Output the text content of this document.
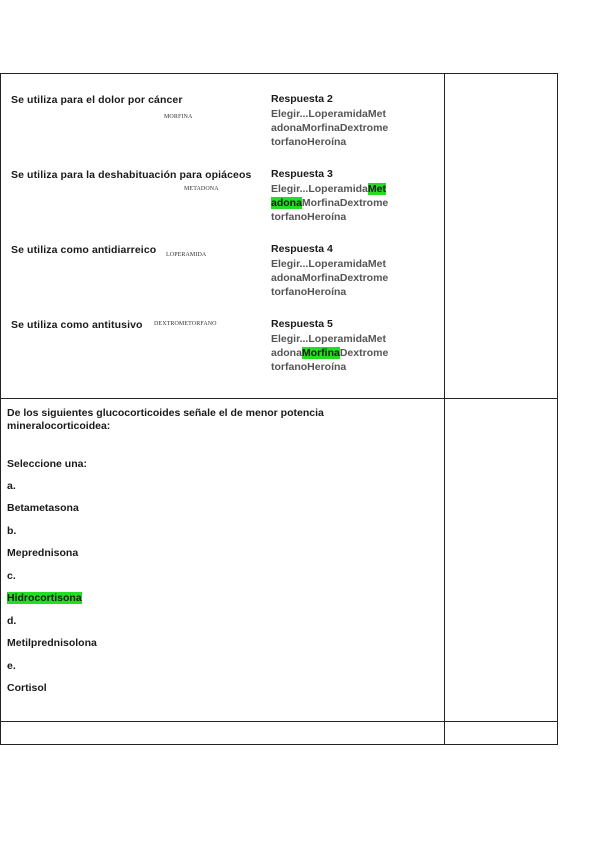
Se utiliza para el dolor por cáncer
MORFINA
Respuesta 2
Elegir...LoperamidaMet
adonaMorfinaDextrome
torfanoHeroína
Se utiliza para la deshabituación para opiáceos
METADONA
Respuesta 3
Elegir...LoperamidaMet
adonaMorfinaDextrome
torfanoHeroína
Se utiliza como antidiarreico LOPERAMIDA	Respuesta 4
Elegir...LoperamidaMet
adonaMorfinaDextrome
torfanoHeroína
Se utiliza como antitusivo DEXTROMETORFANO	Respuesta 5
Elegir...LoperamidaMet
adonaMorfinaDextrome
torfanoHeroína
De los siguientes glucocorticoides señale el de menor potencia
mineralocorticoidea:
Seleccione una:
a.
Betametasona
b.
Meprednisona
c.
Hidrocortisona
d.
Metilprednisolona
e.
Cortisol
